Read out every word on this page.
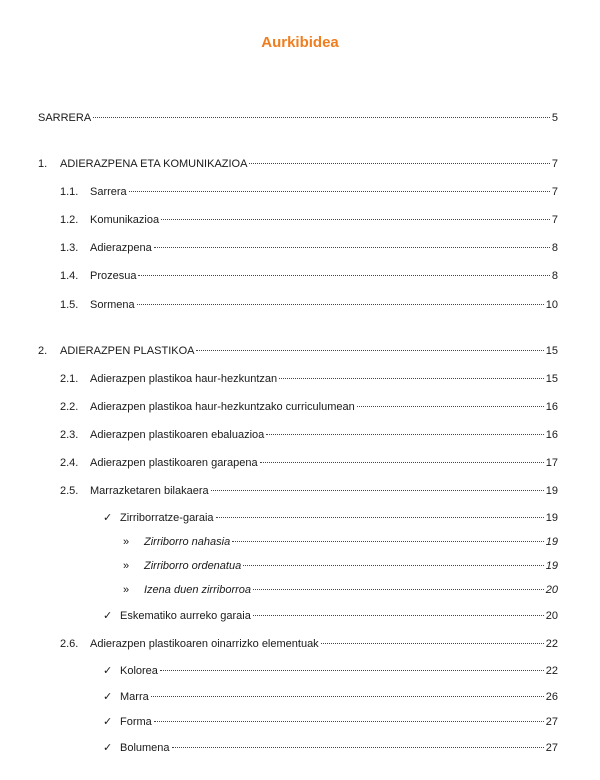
Aurkibidea
SARRERA	5
1.	ADIERAZPENA ETA KOMUNIKAZIOA	7
1.1.	Sarrera	7
1.2.	Komunikazioa	7
1.3.	Adierazpena	8
1.4.	Prozesua	8
1.5.	Sormena	10
2.	ADIERAZPEN PLASTIKOA	15
2.1.	Adierazpen plastikoa haur-hezkuntzan	15
2.2.	Adierazpen plastikoa haur-hezkuntzako curriculumean	16
2.3.	Adierazpen plastikoaren ebaluazioa	16
2.4.	Adierazpen plastikoaren garapena	17
2.5.	Marrazketaren bilakaera	19
✓ Zirriborratze-garaia	19
»	Zirriborro nahasia	19
»	Zirriborro ordenatua	19
»	Izena duen zirriborroa	20
✓ Eskematiko aurreko garaia	20
2.6.	Adierazpen plastikoaren oinarrizko elementuak	22
✓ Kolorea	22
✓ Marra	26
✓ Forma	27
✓ Bolumena	27
